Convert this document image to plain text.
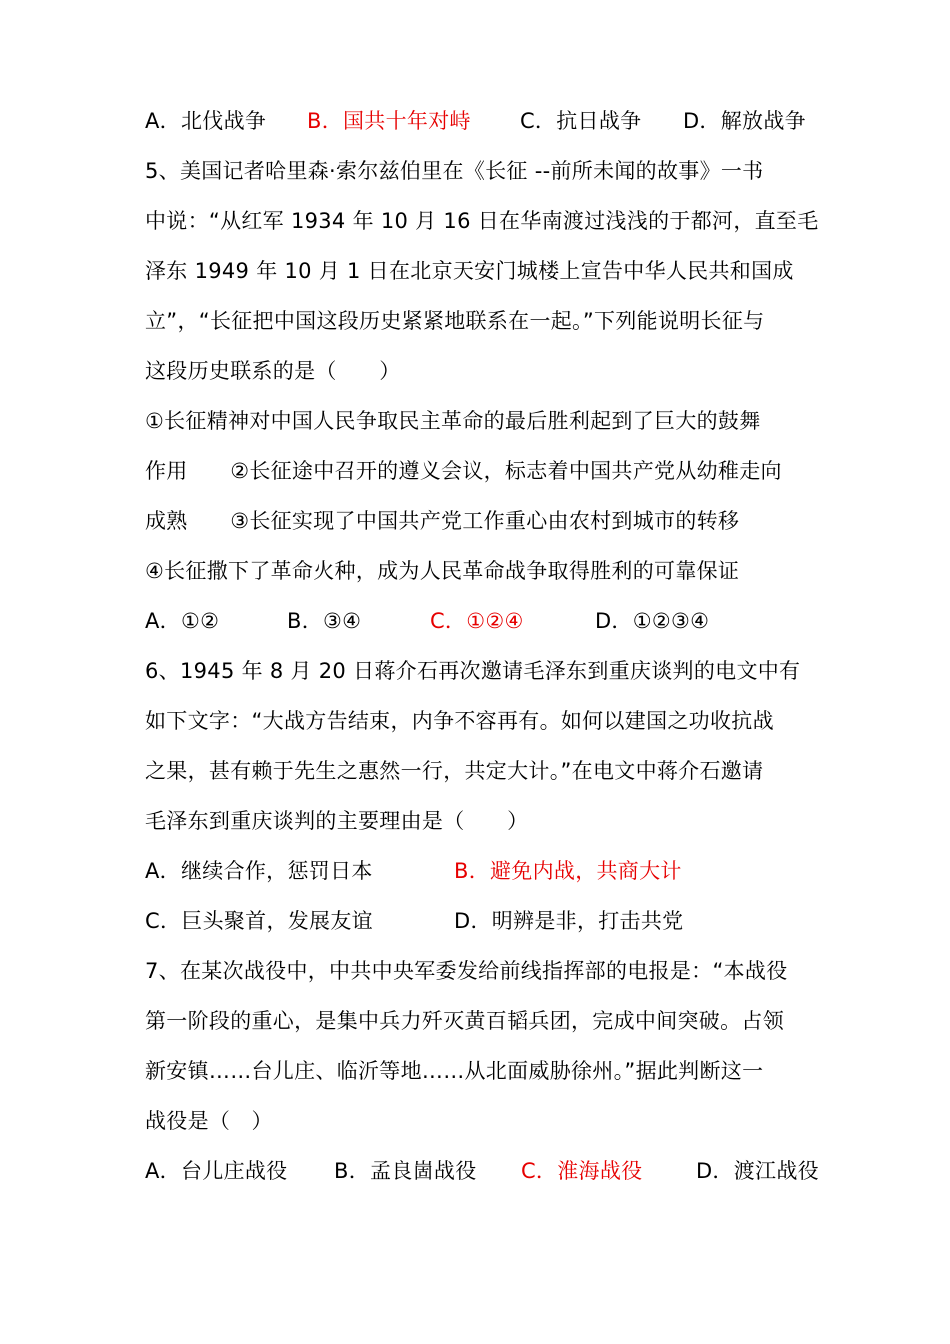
A．北伐战争 B．国共十年对峙 C．抗日战争 D．解放战争
5、美国记者哈里森·索尔兹伯里在《长征 --前所未闻的故事》一书
中说：“从红军 1934 年 10 月 16 日在华南渡过浅浅的于都河，直至毛
泽东 1949 年 10 月 1 日在北京天安门城楼上宣告中华人民共和国成
立”，“长征把中国这段历史紧紧地联系在一起。”下列能说明长征与
这段历史联系的是（　　）
①长征精神对中国人民争取民主革命的最后胜利起到了巨大的鼓舞
作用　　②长征途中召开的遵义会议，标志着中国共产党从幼稚走向
成熟　　③长征实现了中国共产党工作重心由农村到城市的转移
④长征撒下了革命火种，成为人民革命战争取得胜利的可靠保证
A．①②	B．③④	C．①②④	D．①②③④
6、1945 年 8 月 20 日蒋介石再次邀请毛泽东到重庆谈判的电文中有
如下文字：“大战方告结束，内争不容再有。如何以建国之功收抗战
之果，甚有赖于先生之惠然一行，共定大计。”在电文中蒋介石邀请
毛泽东到重庆谈判的主要理由是（　　）
A．继续合作，惩罚日本	B．避免内战，共商大计
C．巨头聚首，发展友谊	D．明辨是非，打击共党
7、在某次战役中，中共中央军委发给前线指挥部的电报是：“本战役
第一阶段的重心，是集中兵力歼灭黄百韬兵团，完成中间突破。占领
新安镇……台儿庄、临沂等地……从北面威胁徐州。”据此判断这一
战役是（　）
A．台儿庄战役 B．孟良崮战役 C．淮海战役	D．渡江战役
